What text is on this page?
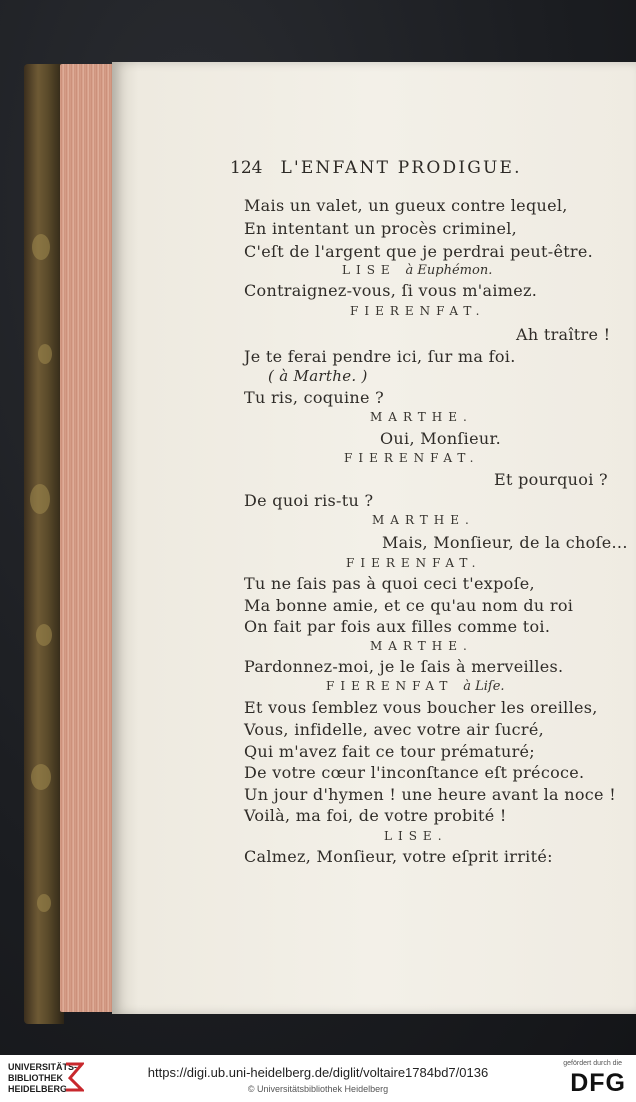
124 L'ENFANT PRODIGUE.
Mais un valet, un gueux contre lequel,
En intentant un procès criminel,
C'eſt de l'argent que je perdrai peut-être.
LISE à Euphémon.
Contraignez-vous, ſi vous m'aimez.
FIERENFAT.
Ah traître !
Je te ferai pendre ici, ſur ma foi.
( à Marthe. )
Tu ris, coquine ?
MARTHE.
Oui, Monſieur.
FIERENFAT.
Et pourquoi ?
De quoi ris-tu ?
MARTHE.
Mais, Monſieur, de la choſe...
FIERENFAT.
Tu ne ſais pas à quoi ceci t'expoſe,
Ma bonne amie, et ce qu'au nom du roi
On fait par fois aux filles comme toi.
MARTHE.
Pardonnez-moi, je le ſais à merveilles.
FIERENFAT à Liſe.
Et vous ſemblez vous boucher les oreilles,
Vous, infidelle, avec votre air ſucré,
Qui m'avez fait ce tour prématuré;
De votre cœur l'inconſtance eſt précoce.
Un jour d'hymen ! une heure avant la noce !
Voilà, ma foi, de votre probité !
LISE.
Calmez, Monſieur, votre eſprit irrité:
UNIVERSITÄTS-
BIBLIOTHEK
HEIDELBERG
https://digi.ub.uni-heidelberg.de/diglit/voltaire1784bd7/0136
© Universitätsbibliothek Heidelberg
gefördert durch die
DFG
